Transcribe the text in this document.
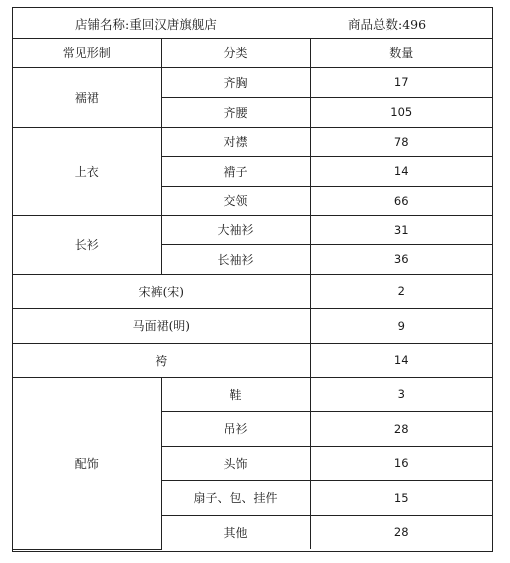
店铺名称:重回汉唐旗舰店	商品总数:496
常见形制	分类	数量
襦裙	齐胸	17
	齐腰	105
上衣	对襟	78
	褙子	14
	交领	66
长衫	大袖衫	31
	长袖衫	36
宋裤(宋)		2
马面裙(明)		9
袴		14
配饰	鞋	3
	吊衫	28
	头饰	16
	扇子、包、挂件	15
	其他	28
